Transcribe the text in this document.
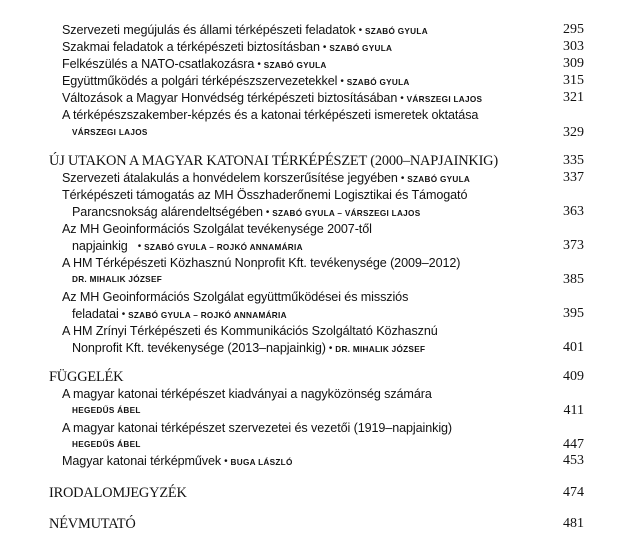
Szervezeti megújulás és állami térképészeti feladatok • SZABÓ GYULA	295
Szakmai feladatok a térképészeti biztosításban • SZABÓ GYULA	303
Felkészülés a NATO-csatlakozásra • SZABÓ GYULA	309
Együttműködés a polgári térképészszervezetekkel • SZABÓ GYULA	315
Változások a Magyar Honvédség térképészeti biztosításában • VÁRSZEGI LAJOS	321
A térképészszakember-képzés és a katonai térképészeti ismeretek oktatása
VÁRSZEGI LAJOS	329
ÚJ UTAKON A MAGYAR KATONAI TÉRKÉPÉSZET (2000–NAPJAINKIG)	335
Szervezeti átalakulás a honvédelem korszerűsítése jegyében • SZABÓ GYULA	337
Térképészeti támogatás az MH Összhaderőnemi Logisztikai és Támogató
Parancsnokság alárendeltségében • SZABÓ GYULA – VÁRSZEGI LAJOS	363
Az MH Geoinformációs Szolgálat tevékenysége 2007-től
napjainkig • SZABÓ GYULA – ROJKÓ ANNAMÁRIA	373
A HM Térképészeti Közhasznú Nonprofit Kft. tevékenysége (2009–2012)
DR. MIHALIK JÓZSEF	385
Az MH Geoinformációs Szolgálat együttműködései és missziós
feladatai • SZABÓ GYULA – ROJKÓ ANNAMÁRIA	395
A HM Zrínyi Térképészeti és Kommunikációs Szolgáltató Közhasznú
Nonprofit Kft. tevékenysége (2013–napjainkig) • DR. MIHALIK JÓZSEF	401
FÜGGELÉK	409
A magyar katonai térképészet kiadványai a nagyközönség számára
HEGEDŰS ÁBEL	411
A magyar katonai térképészet szervezetei és vezetői (1919–napjainkig)
HEGEDŰS ÁBEL	447
Magyar katonai térképművek • BUGA LÁSZLÓ	453
IRODALOMJEGYZÉK	474
NÉVMUTATÓ	481
